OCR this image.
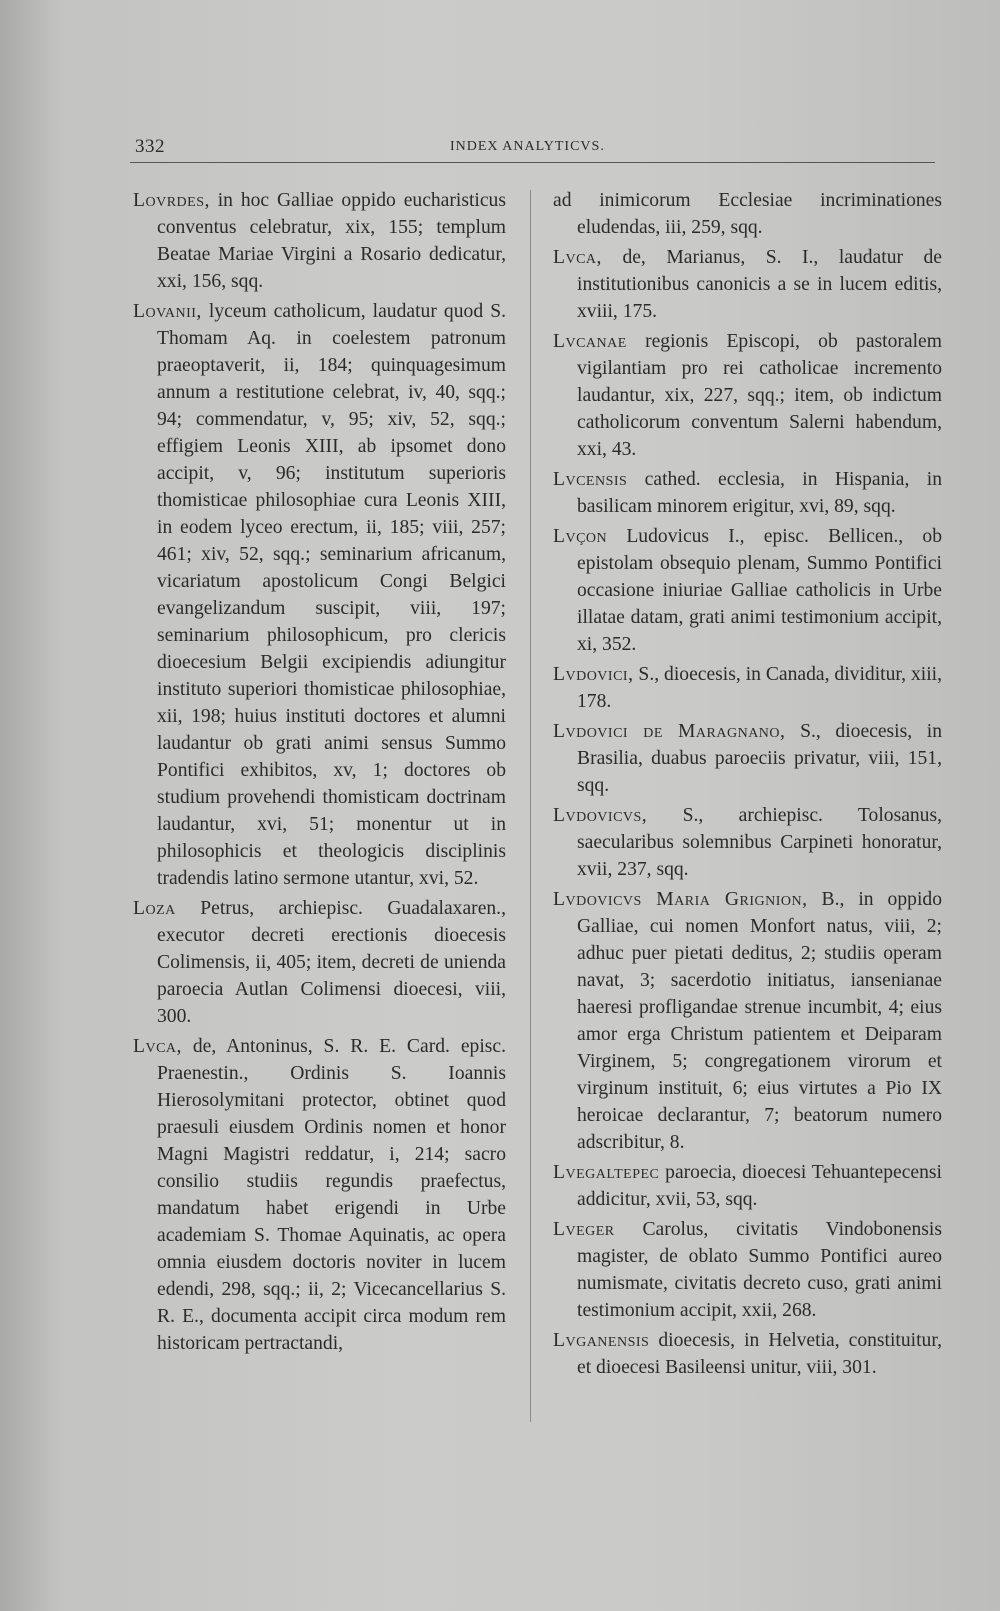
332	INDEX ANALYTICVS.

Lovrdes, in hoc Galliae oppido eucharisticus conventus celebratur, xix, 155; templum Beatae Mariae Virgini a Rosario dedicatur, xxi, 156, sqq.

Lovanii, lyceum catholicum, laudatur quod S. Thomam Aq. in coelestem patronum praeoptaverit, ii, 184; quinquagesimum annum a restitutione celebrat, iv, 40, sqq.; 94; commendatur, v, 95; xiv, 52, sqq.; effigiem Leonis XIII, ab ipsomet dono accipit, v, 96; institutum superioris thomisticae philosophiae cura Leonis XIII, in eodem lyceo erectum, ii, 185; viii, 257; 461; xiv, 52, sqq.; seminarium africanum, vicariatum apostolicum Congi Belgici evangelizandum suscipit, viii, 197; seminarium philosophicum, pro clericis dioecesium Belgii excipiendis adiungitur instituto superiori thomisticae philosophiae, xii, 198; huius instituti doctores et alumni laudantur ob grati animi sensus Summo Pontifici exhibitos, xv, 1; doctores ob studium provehendi thomisticam doctrinam laudantur, xvi, 51; monentur ut in philosophicis et theologicis disciplinis tradendis latino sermone utantur, xvi, 52.

Loza Petrus, archiepisc. Guadalaxaren., executor decreti erectionis dioecesis Colimensis, ii, 405; item, decreti de unienda paroecia Autlan Colimensi dioecesi, viii, 300.

Lvca, de, Antoninus, S. R. E. Card. episc. Praenestin., Ordinis S. Ioannis Hierosolymitani protector, obtinet quod praesuli eiusdem Ordinis nomen et honor Magni Magistri reddatur, i, 214; sacro consilio studiis regundis praefectus, mandatum habet erigendi in Urbe academiam S. Thomae Aquinatis, ac opera omnia eiusdem doctoris noviter in lucem edendi, 298, sqq.; ii, 2; Vicecancellarius S. R. E., documenta accipit circa modum rem historicam pertractandi,

ad inimicorum Ecclesiae incriminationes eludendas, iii, 259, sqq.

Lvca, de, Marianus, S. I., laudatur de institutionibus canonicis a se in lucem editis, xviii, 175.

Lvcanae regionis Episcopi, ob pastoralem vigilantiam pro rei catholicae incremento laudantur, xix, 227, sqq.; item, ob indictum catholicorum conventum Salerni habendum, xxi, 43.

Lvcensis cathed. ecclesia, in Hispania, in basilicam minorem erigitur, xvi, 89, sqq.

Lvçon Ludovicus I., episc. Bellicen., ob epistolam obsequio plenam, Summo Pontifici occasione iniuriae Galliae catholicis in Urbe illatae datam, grati animi testimonium accipit, xi, 352.

Lvdovici, S., dioecesis, in Canada, dividitur, xiii, 178.

Lvdovici de Maragnano, S., dioecesis, in Brasilia, duabus paroeciis privatur, viii, 151, sqq.

Lvdovicvs, S., archiepisc. Tolosanus, saecularibus solemnibus Carpineti honoratur, xvii, 237, sqq.

Lvdovicvs Maria Grignion, B., in oppido Galliae, cui nomen Monfort natus, viii, 2; adhuc puer pietati deditus, 2; studiis operam navat, 3; sacerdotio initiatus, iansenianae haeresi profligandae strenue incumbit, 4; eius amor erga Christum patientem et Deiparam Virginem, 5; congregationem virorum et virginum instituit, 6; eius virtutes a Pio IX heroicae declarantur, 7; beatorum numero adscribitur, 8.

Lvegaltepec paroecia, dioecesi Tehuantepecensi addicitur, xvii, 53, sqq.

Lveger Carolus, civitatis Vindobonensis magister, de oblato Summo Pontifici aureo numismate, civitatis decreto cuso, grati animi testimonium accipit, xxii, 268.

Lvganensis dioecesis, in Helvetia, constituitur, et dioecesi Basileensi unitur, viii, 301.
